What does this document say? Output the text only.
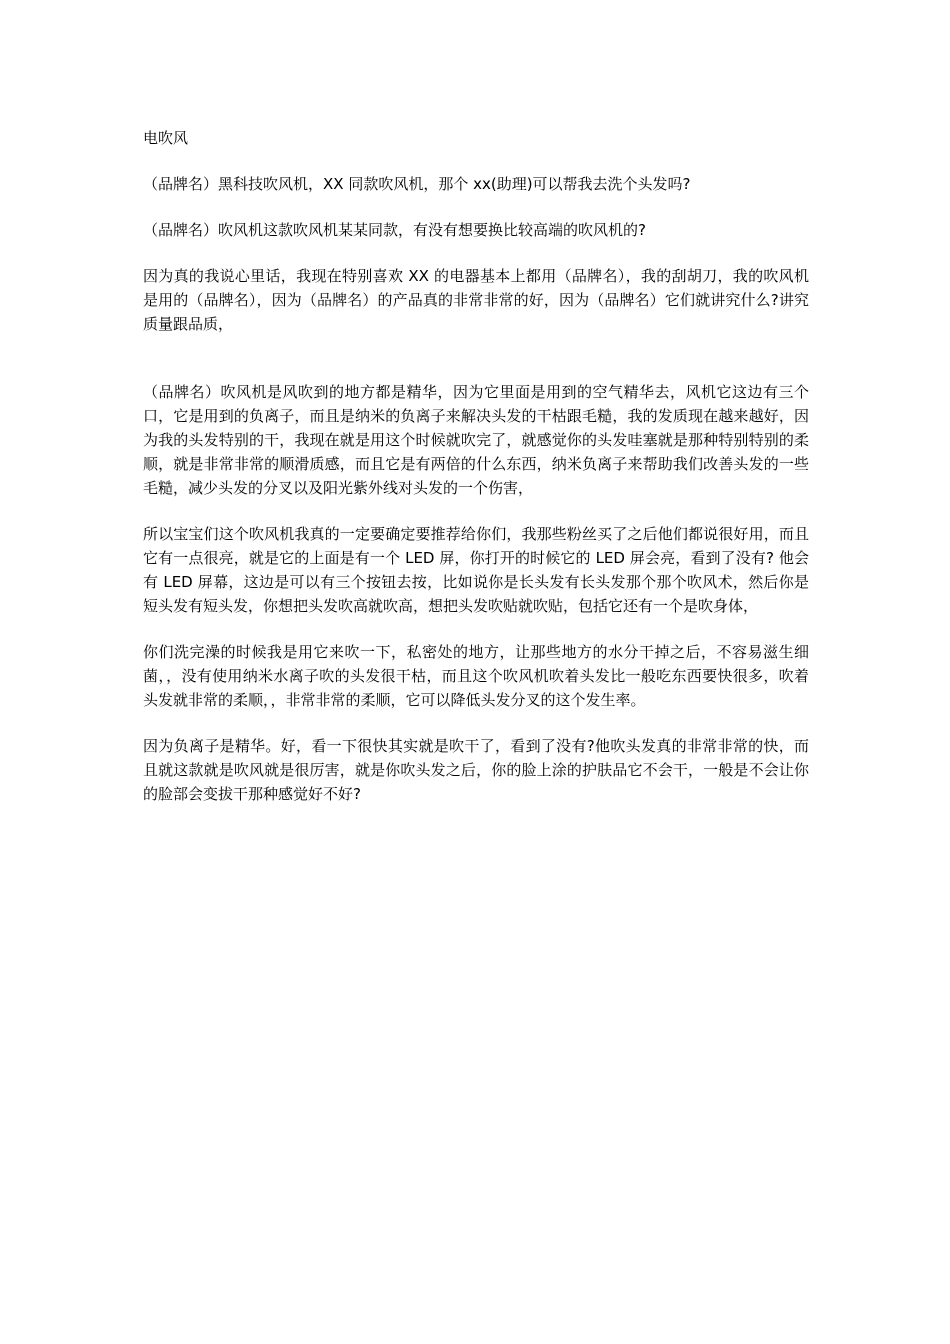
电吹风

（品牌名）黑科技吹风机，XX 同款吹风机，那个 xx(助理)可以帮我去洗个头发吗?

（品牌名）吹风机这款吹风机某某同款，有没有想要换比较高端的吹风机的?

因为真的我说心里话，我现在特别喜欢 XX 的电器基本上都用（品牌名），我的刮胡刀，我的吹风机是用的（品牌名），因为（品牌名）的产品真的非常非常的好，因为（品牌名）它们就讲究什么?讲究质量跟品质，

（品牌名）吹风机是风吹到的地方都是精华，因为它里面是用到的空气精华去，风机它这边有三个口，它是用到的负离子，而且是纳米的负离子来解决头发的干枯跟毛糙，我的发质现在越来越好，因为我的头发特别的干，我现在就是用这个时候就吹完了，就感觉你的头发哇塞就是那种特别特别的柔顺，就是非常非常的顺滑质感，而且它是有两倍的什么东西，纳米负离子来帮助我们改善头发的一些毛糙，减少头发的分叉以及阳光紫外线对头发的一个伤害，

所以宝宝们这个吹风机我真的一定要确定要推荐给你们，我那些粉丝买了之后他们都说很好用，而且它有一点很亮，就是它的上面是有一个 LED 屏，你打开的时候它的 LED 屏会亮，看到了没有? 他会有 LED 屏幕，这边是可以有三个按钮去按，比如说你是长头发有长头发那个那个吹风术，然后你是短头发有短头发，你想把头发吹高就吹高，想把头发吹贴就吹贴，包括它还有一个是吹身体，

你们洗完澡的时候我是用它来吹一下，私密处的地方，让那些地方的水分干掉之后，不容易滋生细菌，，没有使用纳米水离子吹的头发很干枯，而且这个吹风机吹着头发比一般吃东西要快很多，吹着头发就非常的柔顺，，非常非常的柔顺，它可以降低头发分叉的这个发生率。

因为负离子是精华。好，看一下很快其实就是吹干了，看到了没有?他吹头发真的非常非常的快，而且就这款就是吹风就是很厉害，就是你吹头发之后，你的脸上涂的护肤品它不会干，一般是不会让你的脸部会变拔干那种感觉好不好?
